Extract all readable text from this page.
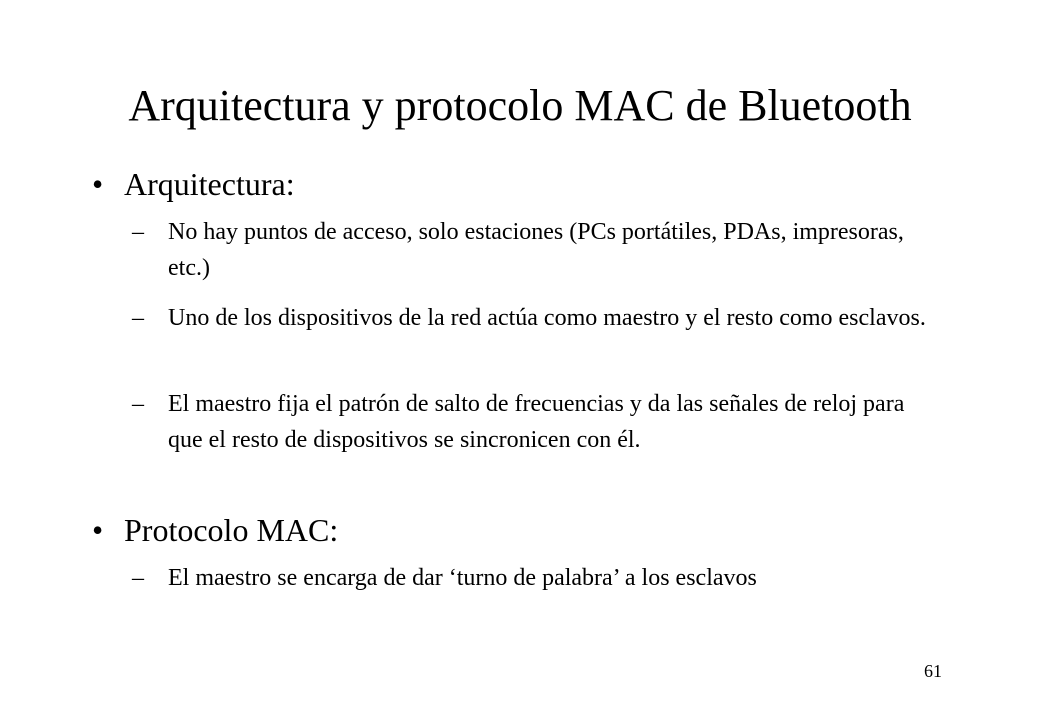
Arquitectura y protocolo MAC de Bluetooth
• Arquitectura:
– No hay puntos de acceso, solo estaciones (PCs portátiles, PDAs, impresoras, etc.)
– Uno de los dispositivos de la red actúa como maestro y el resto como esclavos.
– El maestro fija el patrón de salto de frecuencias y da las señales de reloj para que el resto de dispositivos se sincronicen con él.
• Protocolo MAC:
– El maestro se encarga de dar ‘turno de palabra’ a los esclavos
61
